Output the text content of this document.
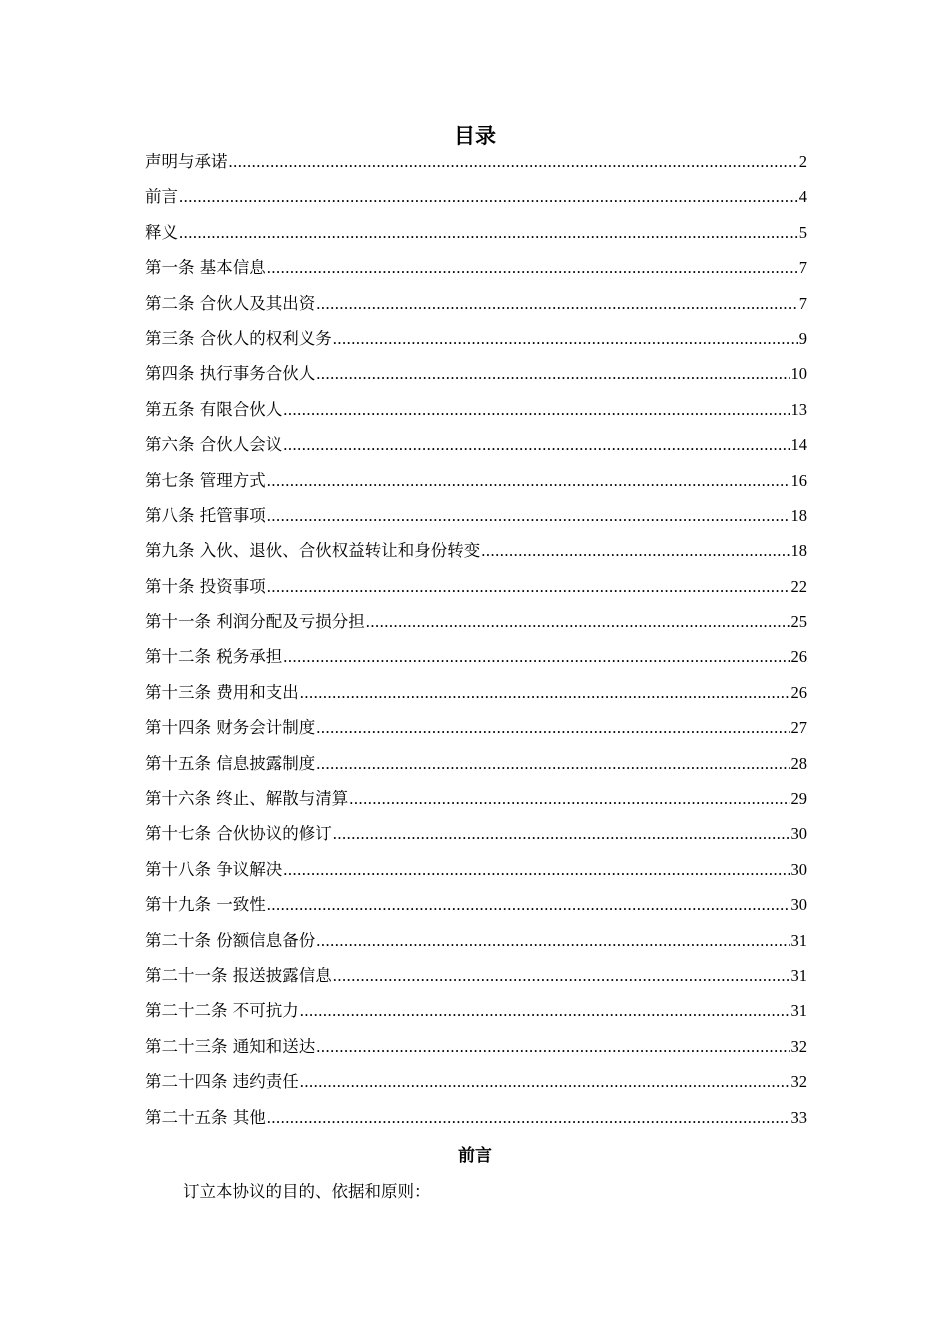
目录
声明与承诺 .....	2
前言 .....	4
释义 .....	5
第一条 基本信息 .....	7
第二条 合伙人及其出资 .....	7
第三条 合伙人的权利义务 .....	9
第四条 执行事务合伙人 .....	10
第五条 有限合伙人 .....	13
第六条 合伙人会议 .....	14
第七条 管理方式 .....	16
第八条 托管事项 .....	18
第九条 入伙、退伙、合伙权益转让和身份转变 .....	18
第十条 投资事项 .....	22
第十一条 利润分配及亏损分担 .....	25
第十二条 税务承担 .....	26
第十三条 费用和支出 .....	26
第十四条 财务会计制度 .....	27
第十五条 信息披露制度 .....	28
第十六条 终止、解散与清算 .....	29
第十七条 合伙协议的修订 .....	30
第十八条 争议解决 .....	30
第十九条 一致性 .....	30
第二十条 份额信息备份 .....	31
第二十一条 报送披露信息 .....	31
第二十二条 不可抗力 .....	31
第二十三条 通知和送达 .....	32
第二十四条 违约责任 .....	32
第二十五条 其他 .....	33
前言
订立本协议的目的、依据和原则：
